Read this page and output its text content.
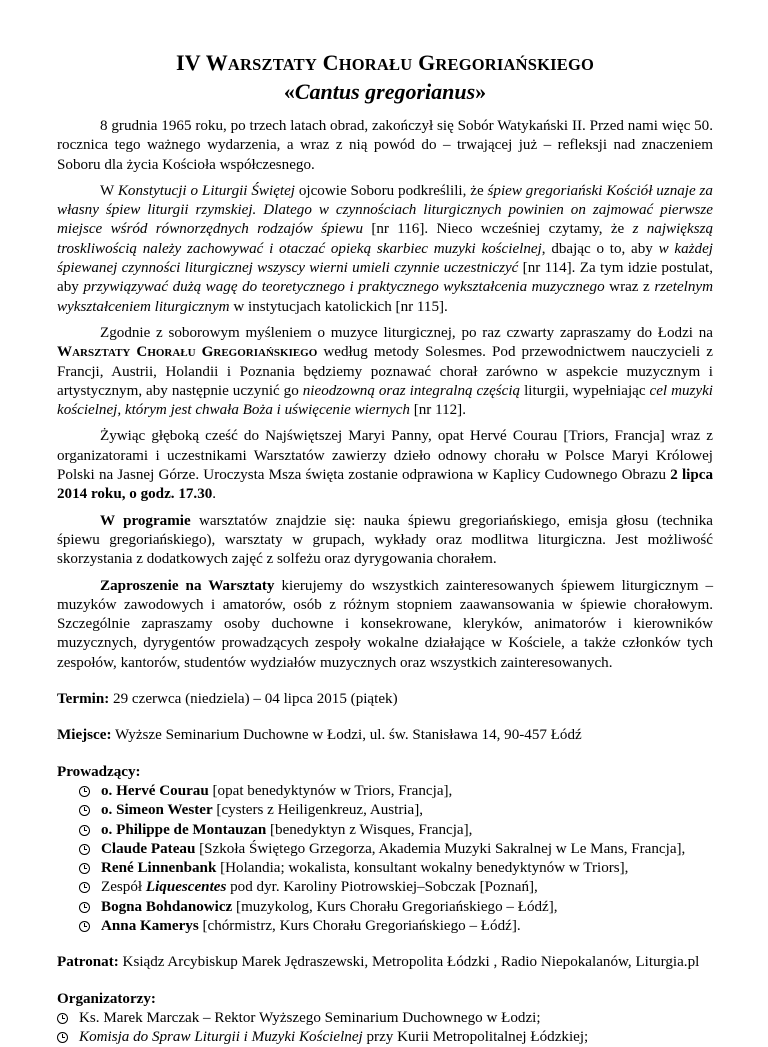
IV WARSZTATY CHORAŁU GREGORIAŃSKIEGO
«Cantus gregorianus»

8 grudnia 1965 roku, po trzech latach obrad, zakończył się Sobór Watykański II. Przed nami więc 50. rocznica tego ważnego wydarzenia, a wraz z nią powód do – trwającej już – refleksji nad znaczeniem Soboru dla życia Kościoła współczesnego.

W Konstytucji o Liturgii Świętej ojcowie Soboru podkreślili, że śpiew gregoriański Kościół uznaje za własny śpiew liturgii rzymskiej. Dlatego w czynnościach liturgicznych powinien on zajmować pierwsze miejsce wśród równorzędnych rodzajów śpiewu [nr 116]. Nieco wcześniej czytamy, że z największą troskliwością należy zachowywać i otaczać opieką skarbiec muzyki kościelnej, dbając o to, aby w każdej śpiewanej czynności liturgicznej wszyscy wierni umieli czynnie uczestniczyć [nr 114]. Za tym idzie postulat, aby przywiązywać dużą wagę do teoretycznego i praktycznego wykształcenia muzycznego wraz z rzetelnym wykształceniem liturgicznym w instytucjach katolickich [nr 115].

Zgodnie z soborowym myśleniem o muzyce liturgicznej, po raz czwarty zapraszamy do Łodzi na Warsztaty Chorału Gregoriańskiego według metody Solesmes. Pod przewodnictwem nauczycieli z Francji, Austrii, Holandii i Poznania będziemy poznawać chorał zarówno w aspekcie muzycznym i artystycznym, aby następnie uczynić go nieodzowną oraz integralną częścią liturgii, wypełniając cel muzyki kościelnej, którym jest chwała Boża i uświęcenie wiernych [nr 112].

Żywiąc głęboką cześć do Najświętszej Maryi Panny, opat Hervé Courau [Triors, Francja] wraz z organizatorami i uczestnikami Warsztatów zawierzy dzieło odnowy chorału w Polsce Maryi Królowej Polski na Jasnej Górze. Uroczysta Msza święta zostanie odprawiona w Kaplicy Cudownego Obrazu 2 lipca 2014 roku, o godz. 17.30.

W programie warsztatów znajdzie się: nauka śpiewu gregoriańskiego, emisja głosu (technika śpiewu gregoriańskiego), warsztaty w grupach, wykłady oraz modlitwa liturgiczna. Jest możliwość skorzystania z dodatkowych zajęć z solfeżu oraz dyrygowania chorałem.

Zaproszenie na Warsztaty kierujemy do wszystkich zainteresowanych śpiewem liturgicznym – muzyków zawodowych i amatorów, osób z różnym stopniem zaawansowania w śpiewie chorałowym. Szczególnie zapraszamy osoby duchowne i konsekrowane, kleryków, animatorów i kierowników muzycznych, dyrygentów prowadzących zespoły wokalne działające w Kościele, a także członków tych zespołów, kantorów, studentów wydziałów muzycznych oraz wszystkich zainteresowanych.

Termin: 29 czerwca (niedziela) – 04 lipca 2015 (piątek)
Miejsce: Wyższe Seminarium Duchowne w Łodzi, ul. św. Stanisława 14, 90-457 Łódź
Prowadzący:
o. Hervé Courau [opat benedyktynów w Triors, Francja],
o. Simeon Wester [cysters z Heiligenkreuz, Austria],
o. Philippe de Montauzan [benedyktyn z Wisques, Francja],
Claude Pateau [Szkoła Świętego Grzegorza, Akademia Muzyki Sakralnej w Le Mans, Francja],
René Linnenbank [Holandia; wokalista, konsultant wokalny benedyktynów w Triors],
Zespół Liquescentes pod dyr. Karoliny Piotrowskiej–Sobczak [Poznań],
Bogna Bohdanowicz [muzykolog, Kurs Chorału Gregoriańskiego – Łódź],
Anna Kamerys [chórmistrz, Kurs Chorału Gregoriańskiego – Łódź].
Patronat: Ksiądz Arcybiskup Marek Jędraszewski, Metropolita Łódzki , Radio Niepokalanów, Liturgia.pl
Organizatorzy:
Ks. Marek Marczak – Rektor Wyższego Seminarium Duchownego w Łodzi;
Komisja do Spraw Liturgii i Muzyki Kościelnej przy Kurii Metropolitalnej Łódzkiej;
